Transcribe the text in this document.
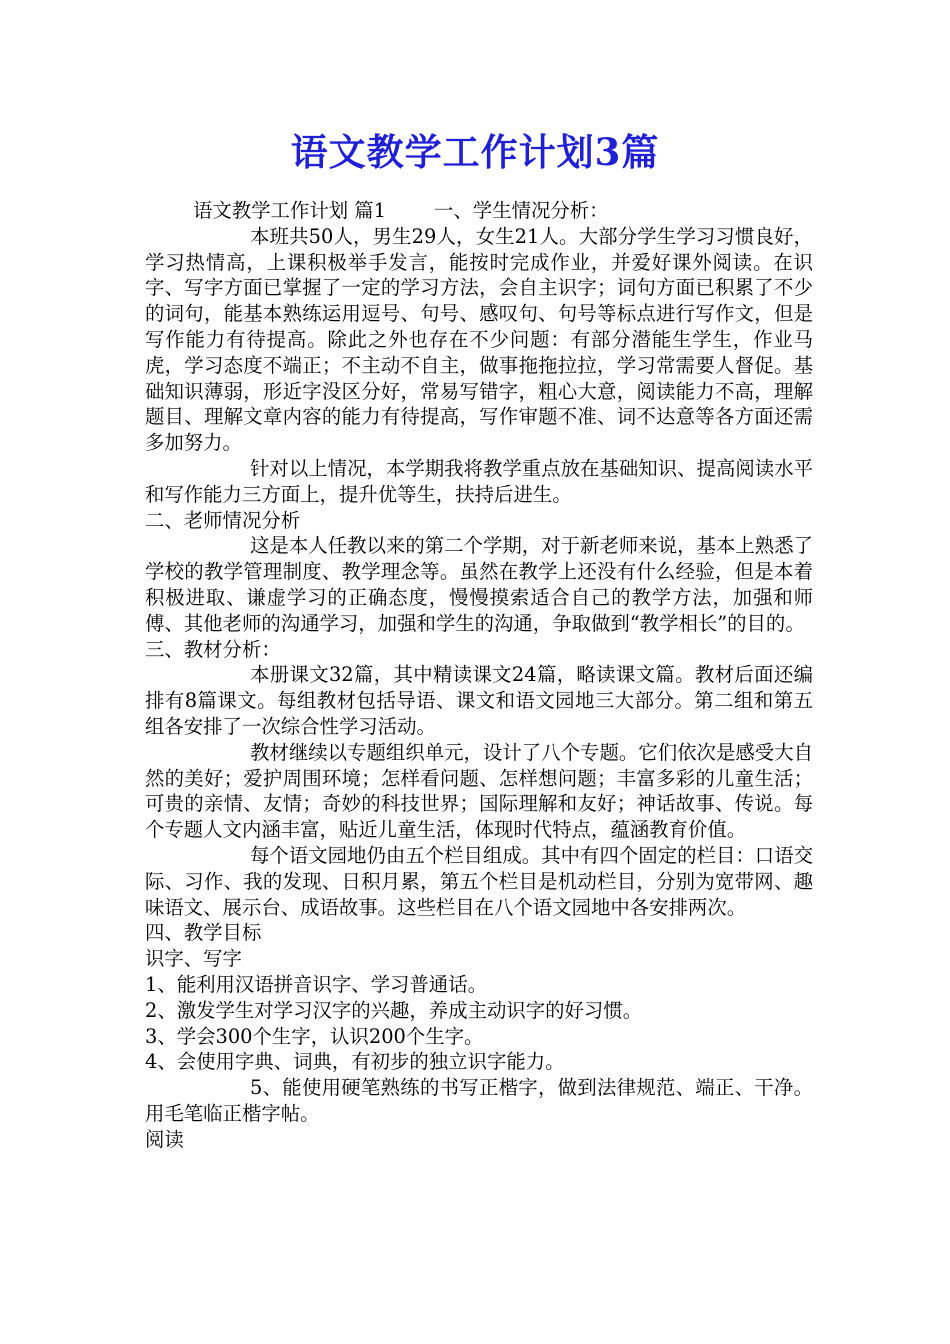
语文教学工作计划3篇

语文教学工作计划 篇1 一、学生情况分析：

本班共50人，男生29人，女生21人。大部分学生学习习惯良好，学习热情高，上课积极举手发言，能按时完成作业，并爱好课外阅读。在识字、写字方面已掌握了一定的学习方法，会自主识字；词句方面已积累了不少的词句，能基本熟练运用逗号、句号、感叹句、句号等标点进行写作文，但是写作能力有待提高。除此之外也存在不少问题：有部分潜能生学生，作业马虎，学习态度不端正；不主动不自主，做事拖拖拉拉，学习常需要人督促。基础知识薄弱，形近字没区分好，常易写错字，粗心大意，阅读能力不高，理解题目、理解文章内容的能力有待提高，写作审题不准、词不达意等各方面还需多加努力。

针对以上情况，本学期我将教学重点放在基础知识、提高阅读水平和写作能力三方面上，提升优等生，扶持后进生。

二、老师情况分析

这是本人任教以来的第二个学期，对于新老师来说，基本上熟悉了学校的教学管理制度、教学理念等。虽然在教学上还没有什么经验，但是本着积极进取、谦虚学习的正确态度，慢慢摸索适合自己的教学方法，加强和师傅、其他老师的沟通学习，加强和学生的沟通，争取做到“教学相长”的目的。

三、教材分析：

本册课文32篇，其中精读课文24篇，略读课文篇。教材后面还编排有8篇课文。每组教材包括导语、课文和语文园地三大部分。第二组和第五组各安排了一次综合性学习活动。

教材继续以专题组织单元，设计了八个专题。它们依次是感受大自然的美好；爱护周围环境；怎样看问题、怎样想问题；丰富多彩的儿童生活；可贵的亲情、友情；奇妙的科技世界；国际理解和友好；神话故事、传说。每个专题人文内涵丰富，贴近儿童生活，体现时代特点，蕴涵教育价值。

每个语文园地仍由五个栏目组成。其中有四个固定的栏目：口语交际、习作、我的发现、日积月累，第五个栏目是机动栏目，分别为宽带网、趣味语文、展示台、成语故事。这些栏目在八个语文园地中各安排两次。

四、教学目标

识字、写字

1、能利用汉语拼音识字、学习普通话。

2、激发学生对学习汉字的兴趣，养成主动识字的好习惯。

3、学会300个生字，认识200个生字。

4、会使用字典、词典，有初步的独立识字能力。

5、能使用硬笔熟练的书写正楷字，做到法律规范、端正、干净。用毛笔临正楷字帖。

阅读
